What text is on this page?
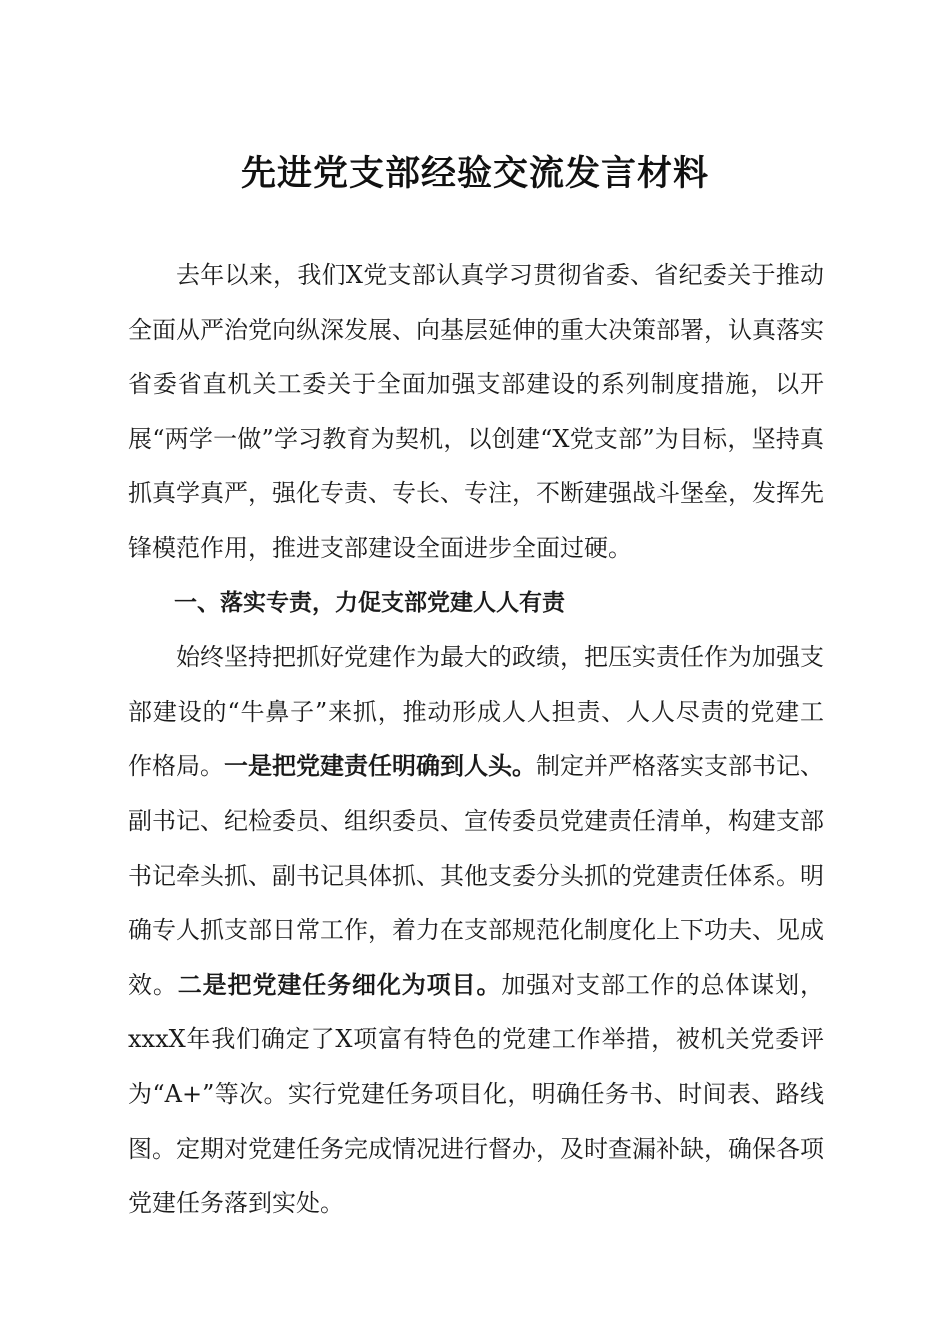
先进党支部经验交流发言材料

去年以来，我们X党支部认真学习贯彻省委、省纪委关于推动全面从严治党向纵深发展、向基层延伸的重大决策部署，认真落实省委省直机关工委关于全面加强支部建设的系列制度措施，以开展“两学一做”学习教育为契机，以创建“X党支部”为目标，坚持真抓真学真严，强化专责、专长、专注，不断建强战斗堡垒，发挥先锋模范作用，推进支部建设全面进步全面过硬。

一、落实专责，力促支部党建人人有责

始终坚持把抓好党建作为最大的政绩，把压实责任作为加强支部建设的“牛鼻子”来抓，推动形成人人担责、人人尽责的党建工作格局。一是把党建责任明确到人头。制定并严格落实支部书记、副书记、纪检委员、组织委员、宣传委员党建责任清单，构建支部书记牵头抓、副书记具体抓、其他支委分头抓的党建责任体系。明确专人抓支部日常工作，着力在支部规范化制度化上下功夫、见成效。二是把党建任务细化为项目。加强对支部工作的总体谋划，xxxX年我们确定了X项富有特色的党建工作举措，被机关党委评为“A+”等次。实行党建任务项目化，明确任务书、时间表、路线图。定期对党建任务完成情况进行督办，及时查漏补缺，确保各项党建任务落到实处。
